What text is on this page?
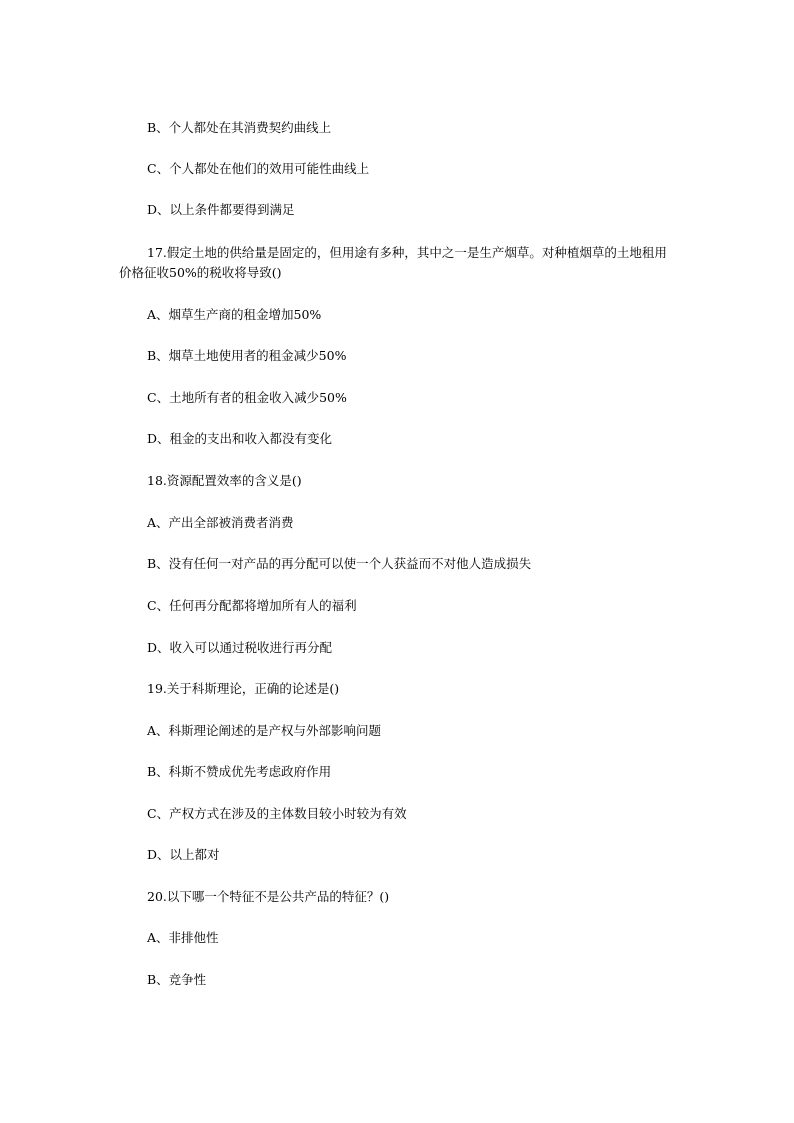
B、个人都处在其消费契约曲线上
C、个人都处在他们的效用可能性曲线上
D、以上条件都要得到满足
17.假定土地的供给量是固定的，但用途有多种，其中之一是生产烟草。对种植烟草的土地租用价格征收50%的税收将导致()
A、烟草生产商的租金增加50%
B、烟草土地使用者的租金减少50%
C、土地所有者的租金收入减少50%
D、租金的支出和收入都没有变化
18.资源配置效率的含义是()
A、产出全部被消费者消费
B、没有任何一对产品的再分配可以使一个人获益而不对他人造成损失
C、任何再分配都将增加所有人的福利
D、收入可以通过税收进行再分配
19.关于科斯理论，正确的论述是()
A、科斯理论阐述的是产权与外部影响问题
B、科斯不赞成优先考虑政府作用
C、产权方式在涉及的主体数目较小时较为有效
D、以上都对
20.以下哪一个特征不是公共产品的特征？()
A、非排他性
B、竞争性
